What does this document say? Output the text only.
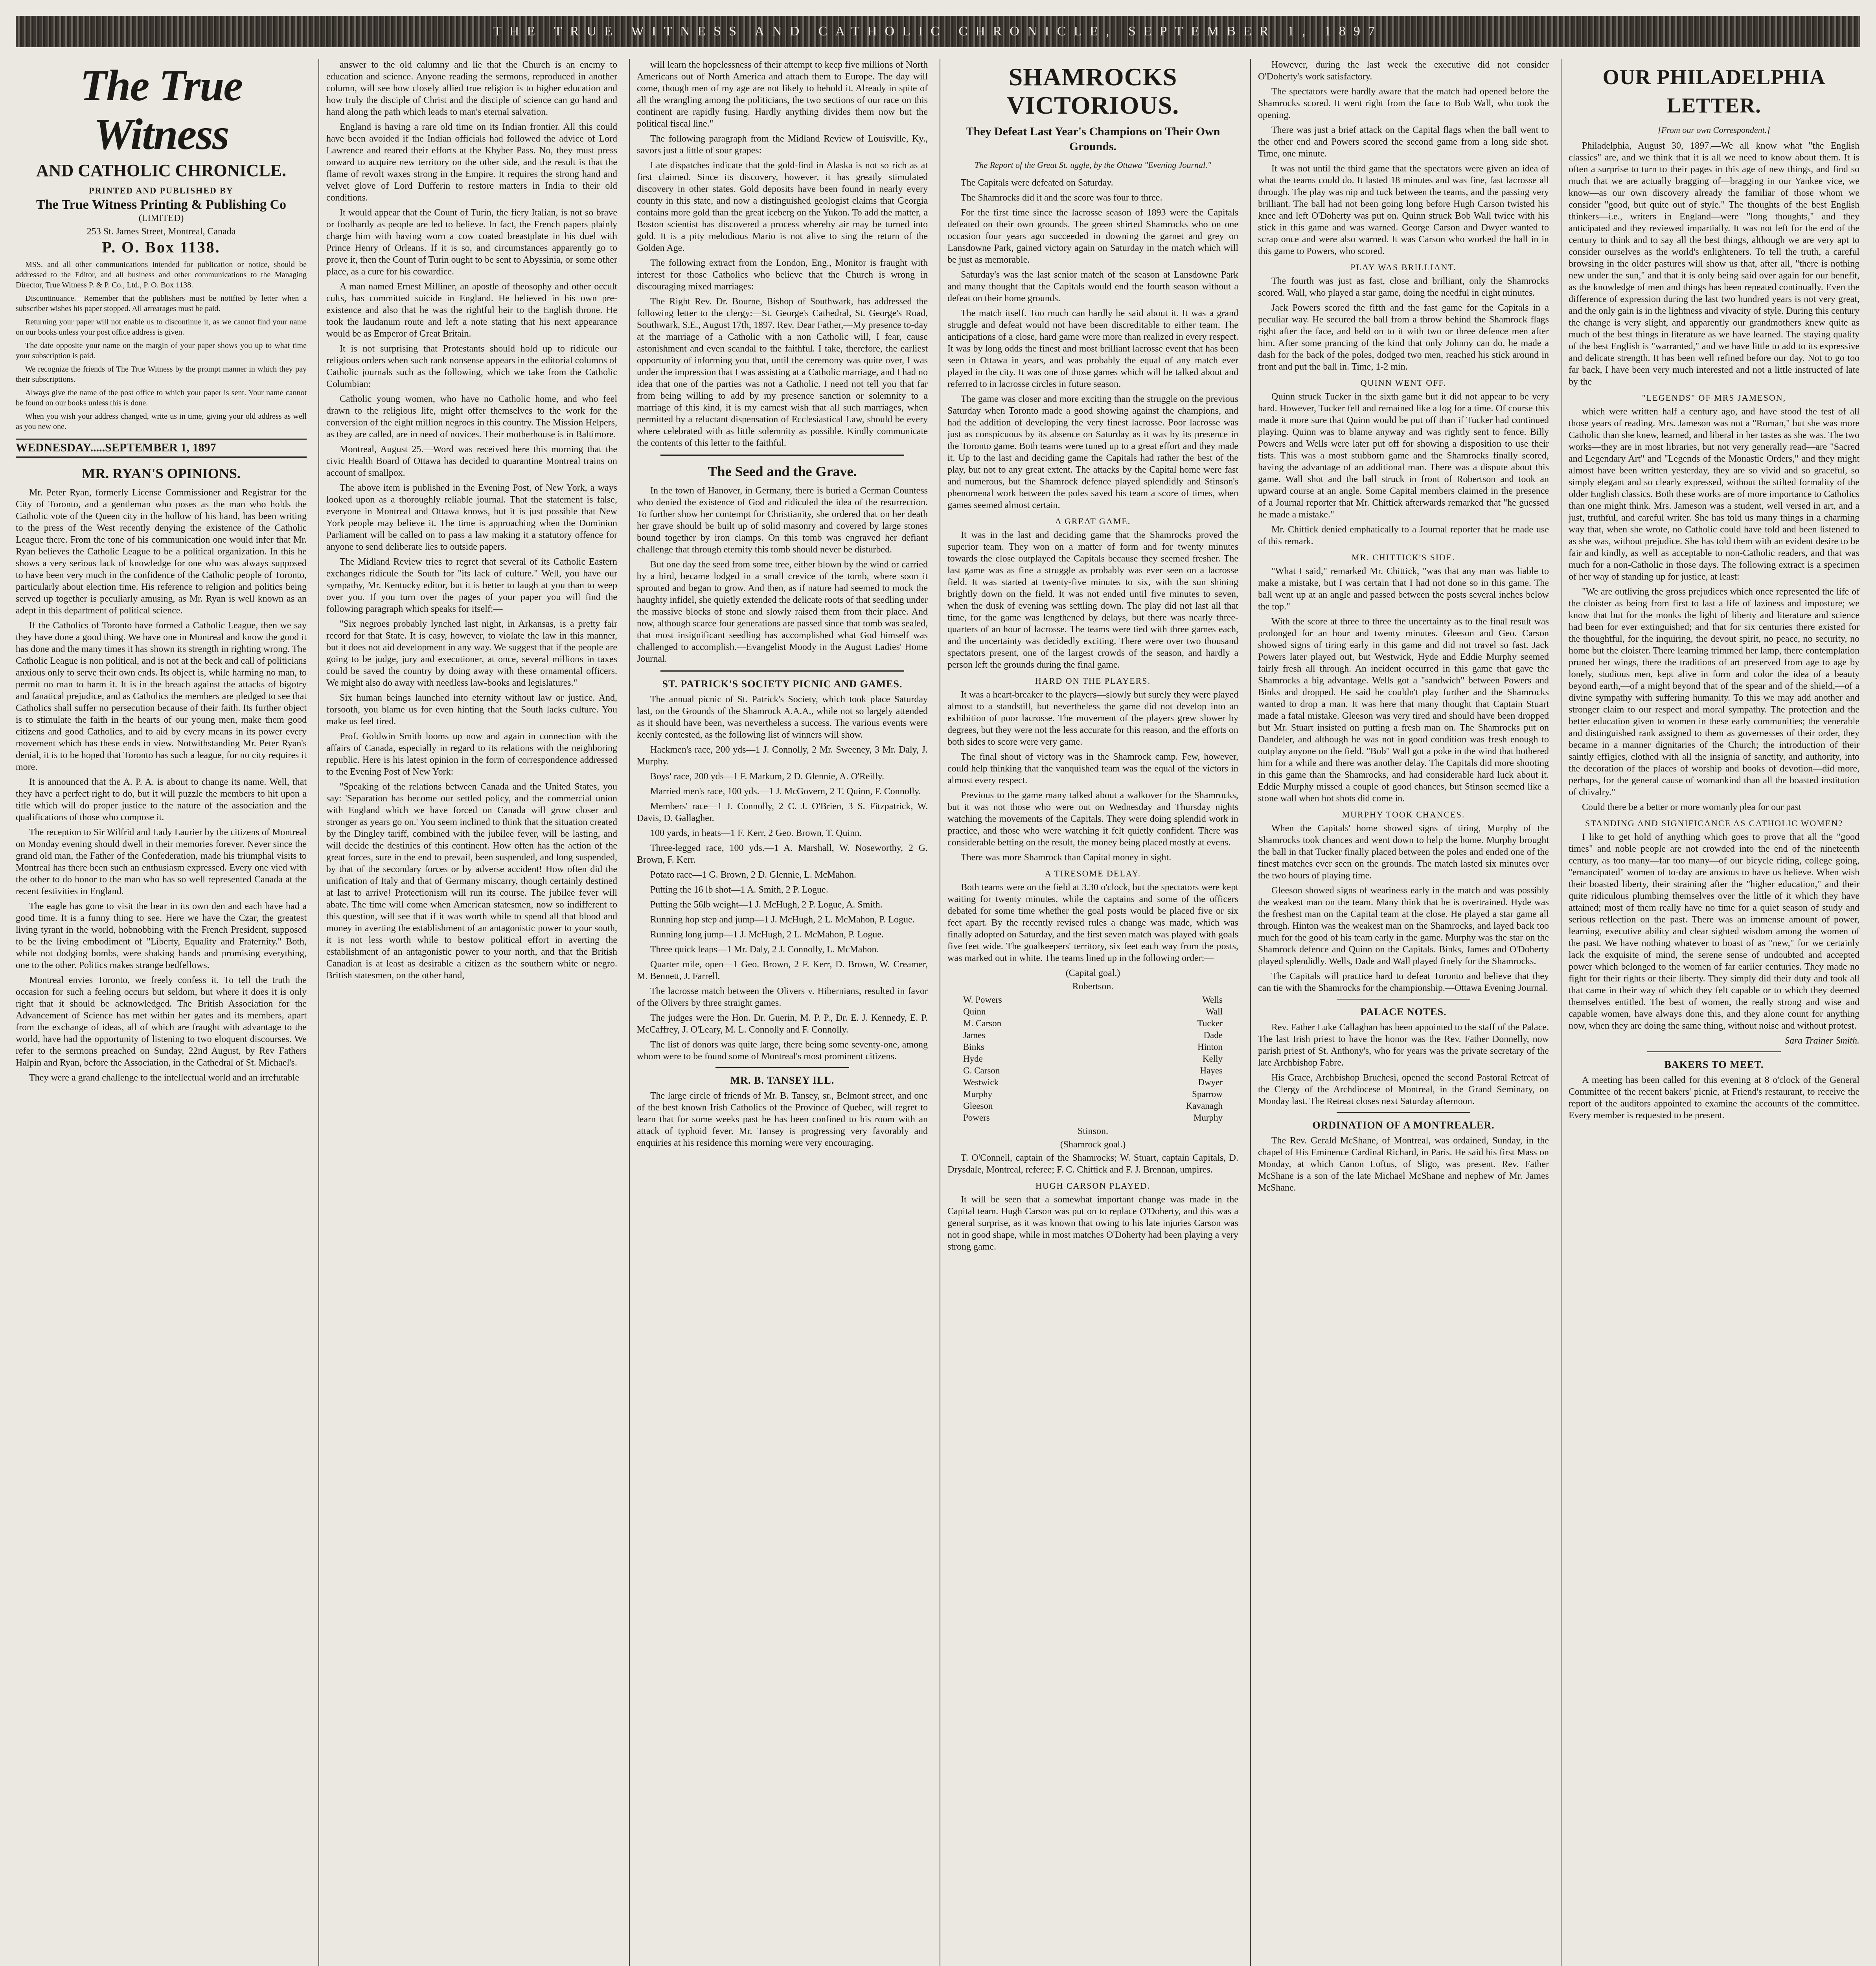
THE TRUE WITNESS AND CATHOLIC CHRONICLE, SEPTEMBER 1, 1897
The True Witness
AND CATHOLIC CHRONICLE.
PRINTED AND PUBLISHED BY
The True Witness Printing & Publishing Co
(LIMITED)
253 St. James Street, Montreal, Canada
P. O. Box 1138.

MSS. and all other communications intended for publication or notice, should be addressed to the Editor, and all business and other communications to the Managing Director, True Witness P. & P. Co., Ltd., P. O. Box 1138.

Discontinuance.—Remember that the publishers must be notified by letter when a subscriber wishes his paper stopped. All arrearages must be paid.

Returning your paper will not enable us to discontinue it, as we cannot find your name on our books unless your post office address is given.

The date opposite your name on the margin of your paper shows you up to what time your subscription is paid.

We recognize the friends of The True Witness by the prompt manner in which they pay their subscriptions.

Always give the name of the post office to which your paper is sent. Your name cannot be found on our books unless this is done.

When you wish your address changed, write us in time, giving your old address as well as you new one.

WEDNESDAY.....SEPTEMBER 1, 1897
MR. RYAN'S OPINIONS.

Mr. Peter Ryan, formerly License Commissioner and Registrar for the City of Toronto, and a gentleman who poses as the man who holds the Catholic vote of the Queen city in the hollow of his hand, has been writing to the press of the West recently denying the existence of the Catholic League there. From the tone of his communication one would infer that Mr. Ryan believes the Catholic League to be a political organization. In this he shows a very serious lack of knowledge for one who was always supposed to have been very much in the confidence of the Catholic people of Toronto, particularly about election time. His reference to religion and politics being served up together is peculiarly amusing, as Mr. Ryan is well known as an adept in this department of political science.

If the Catholics of Toronto have formed a Catholic League, then we say they have done a good thing. We have one in Montreal and know the good it has done and the many times it has shown its strength in righting wrong. The Catholic League is non political, and is not at the beck and call of politicians anxious only to serve their own ends. Its object is, while harming no man, to permit no man to harm it. It is in the breach against the attacks of bigotry and fanatical prejudice, and as Catholics the members are pledged to see that Catholics shall suffer no persecution because of their faith. Its further object is to stimulate the faith in the hearts of our young men, make them good citizens and good Catholics, and to aid by every means in its power every movement which has these ends in view. Notwithstanding Mr. Peter Ryan's denial, it is to be hoped that Toronto has such a league, for no city requires it more.

It is announced that the A. P. A. is about to change its name. Well, that they have a perfect right to do, but it will puzzle the members to hit upon a title which will do proper justice to the nature of the association and the qualifications of those who compose it.

The reception to Sir Wilfrid and Lady Laurier by the citizens of Montreal on Monday evening should dwell in their memories forever. Never since the grand old man, the Father of the Confederation, made his triumphal visits to Montreal has there been such an enthusiasm expressed. Every one vied with the other to do honor to the man who has so well represented Canada at the recent festivities in England.

The eagle has gone to visit the bear in its own den and each have had a good time. It is a funny thing to see. Here we have the Czar, the greatest living tyrant in the world, hobnobbing with the French President, supposed to be the living embodiment of "Liberty, Equality and Fraternity." Both, while not dodging bombs, were shaking hands and promising everything, one to the other. Politics makes strange bedfellows.

Montreal envies Toronto, we freely confess it. To tell the truth the occasion for such a feeling occurs but seldom, but where it does it is only right that it should be acknowledged. The British Association for the Advancement of Science has met within her gates and its members, apart from the exchange of ideas, all of which are fraught with advantage to the world, have had the opportunity of listening to two eloquent discourses. We refer to the sermons preached on Sunday, 22nd August, by Rev Fathers Halpin and Ryan, before the Association, in the Cathedral of St. Michael's.

They were a grand challenge to the intellectual world and an irrefutable

answer to the old calumny and lie that the Church is an enemy to education and science. Anyone reading the sermons, reproduced in another column, will see how closely allied true religion is to higher education and how truly the disciple of Christ and the disciple of science can go hand and hand along the path which leads to man's eternal salvation.

England is having a rare old time on its Indian frontier. All this could have been avoided if the Indian officials had followed the advice of Lord Lawrence and reared their efforts at the Khyber Pass. No, they must press onward to acquire new territory on the other side, and the result is that the flame of revolt waxes strong in the Empire. It requires the strong hand and velvet glove of Lord Dufferin to restore matters in India to their old conditions.

It would appear that the Count of Turin, the fiery Italian, is not so brave or foolhardy as people are led to believe. In fact, the French papers plainly charge him with having worn a cow coated breastplate in his duel with Prince Henry of Orleans. If it is so, and circumstances apparently go to prove it, then the Count of Turin ought to be sent to Abyssinia, or some other place, as a cure for his cowardice.

A man named Ernest Milliner, an apostle of theosophy and other occult cults, has committed suicide in England. He believed in his own pre-existence and also that he was the rightful heir to the English throne. He took the laudanum route and left a note stating that his next appearance would be as Emperor of Great Britain.

It is not surprising that Protestants should hold up to ridicule our religious orders when such rank nonsense appears in the editorial columns of Catholic journals such as the following, which we take from the Catholic Columbian:

Catholic young women, who have no Catholic home, and who feel drawn to the religious life, might offer themselves to the work for the conversion of the eight million negroes in this country. The Mission Helpers, as they are called, are in need of novices. Their motherhouse is in Baltimore.

Montreal, August 25.—Word was received here this morning that the civic Health Board of Ottawa has decided to quarantine Montreal trains on account of smallpox.

The above item is published in the Evening Post, of New York, a ways looked upon as a thoroughly reliable journal. That the statement is false, everyone in Montreal and Ottawa knows, but it is just possible that New York people may believe it. The time is approaching when the Dominion Parliament will be called on to pass a law making it a statutory offence for anyone to send deliberate lies to outside papers.

The Midland Review tries to regret that several of its Catholic Eastern exchanges ridicule the South for "its lack of culture." Well, you have our sympathy, Mr. Kentucky editor, but it is better to laugh at you than to weep over you. If you turn over the pages of your paper you will find the following paragraph which speaks for itself:—

"Six negroes probably lynched last night, in Arkansas, is a pretty fair record for that State. It is easy, however, to violate the law in this manner, but it does not aid development in any way. We suggest that if the people are going to be judge, jury and executioner, at once, several millions in taxes could be saved the country by doing away with these ornamental officers. We might also do away with needless law-books and legislatures."

Six human beings launched into eternity without law or justice. And, forsooth, you blame us for even hinting that the South lacks culture. You make us feel tired.

Prof. Goldwin Smith looms up now and again in connection with the affairs of Canada, especially in regard to its relations with the neighboring republic. Here is his latest opinion in the form of correspondence addressed to the Evening Post of New York:

"Speaking of the relations between Canada and the United States, you say: 'Separation has become our settled policy, and the commercial union with England which we have forced on Canada will grow closer and stronger as years go on.' You seem inclined to think that the situation created by the Dingley tariff, combined with the jubilee fever, will be lasting, and will decide the destinies of this continent. How often has the action of the great forces, sure in the end to prevail, been suspended, and long suspended, by that of the secondary forces or by adverse accident! How often did the unification of Italy and that of Germany miscarry, though certainly destined at last to arrive! Protectionism will run its course. The jubilee fever will abate. The time will come when American statesmen, now so indifferent to this question, will see that if it was worth while to spend all that blood and money in averting the establishment of an antagonistic power to your south, it is not less worth while to bestow political effort in averting the establishment of an antagonistic power to your north, and that the British Canadian is at least as desirable a citizen as the southern white or negro. British statesmen, on the other hand,

will learn the hopelessness of their attempt to keep five millions of North Americans out of North America and attach them to Europe. The day will come, though men of my age are not likely to behold it. Already in spite of all the wrangling among the politicians, the two sections of our race on this continent are rapidly fusing. Hardly anything divides them now but the political fiscal line."

The following paragraph from the Midland Review of Louisville, Ky., savors just a little of sour grapes:

Late dispatches indicate that the gold-find in Alaska is not so rich as at first claimed. Since its discovery, however, it has greatly stimulated discovery in other states. Gold deposits have been found in nearly every county in this state, and now a distinguished geologist claims that Georgia contains more gold than the great iceberg on the Yukon. To add the matter, a Boston scientist has discovered a process whereby air may be turned into gold. It is a pity melodious Mario is not alive to sing the return of the Golden Age.

The following extract from the London, Eng., Monitor is fraught with interest for those Catholics who believe that the Church is wrong in discouraging mixed marriages:

The Right Rev. Dr. Bourne, Bishop of Southwark, has addressed the following letter to the clergy:—St. George's Cathedral, St. George's Road, Southwark, S.E., August 17th, 1897. Rev. Dear Father,—My presence to-day at the marriage of a Catholic with a non Catholic will, I fear, cause astonishment and even scandal to the faithful. I take, therefore, the earliest opportunity of informing you that, until the ceremony was quite over, I was under the impression that I was assisting at a Catholic marriage, and I had no idea that one of the parties was not a Catholic. I need not tell you that far from being willing to add by my presence sanction or solemnity to a marriage of this kind, it is my earnest wish that all such marriages, when permitted by a reluctant dispensation of Ecclesiastical Law, should be every where celebrated with as little solemnity as possible. Kindly communicate the contents of this letter to the faithful.

The Seed and the Grave.

In the town of Hanover, in Germany, there is buried a German Countess who denied the existence of God and ridiculed the idea of the resurrection. To further show her contempt for Christianity, she ordered that on her death her grave should be built up of solid masonry and covered by large stones bound together by iron clamps. On this tomb was engraved her defiant challenge that through eternity this tomb should never be disturbed.

But one day the seed from some tree, either blown by the wind or carried by a bird, became lodged in a small crevice of the tomb, where soon it sprouted and began to grow. And then, as if nature had seemed to mock the haughty infidel, she quietly extended the delicate roots of that seedling under the massive blocks of stone and slowly raised them from their place. And now, although scarce four generations are passed since that tomb was sealed, that most insignificant seedling has accomplished what God himself was challenged to accomplish.—Evangelist Moody in the August Ladies' Home Journal.

ST. PATRICK'S SOCIETY PICNIC AND GAMES.

The annual picnic of St. Patrick's Society, which took place Saturday last, on the Grounds of the Shamrock A.A.A., while not so largely attended as it should have been, was nevertheless a success. The various events were keenly contested, as the following list of winners will show.

Hackmen's race, 200 yds—1 J. Connolly, 2 Mr. Sweeney, 3 Mr. Daly, J. Murphy.

Boys' race, 200 yds—1 F. Markum, 2 D. Glennie, A. O'Reilly.

Married men's race, 100 yds.—1 J. McGovern, 2 T. Quinn, F. Connolly.

Members' race—1 J. Connolly, 2 C. J. O'Brien, 3 S. Fitzpatrick, W. Davis, D. Gallagher.

100 yards, in heats—1 F. Kerr, 2 Geo. Brown, T. Quinn.

Three-legged race, 100 yds.—1 A. Marshall, W. Noseworthy, 2 G. Brown, F. Kerr.

Potato race—1 G. Brown, 2 D. Glennie, L. McMahon.

Putting the 16 lb shot—1 A. Smith, 2 P. Logue.

Putting the 56lb weight—1 J. McHugh, 2 P. Logue, A. Smith.

Running hop step and jump—1 J. McHugh, 2 L. McMahon, P. Logue.

Running long jump—1 J. McHugh, 2 L. McMahon, P. Logue.

Three quick leaps—1 Mr. Daly, 2 J. Connolly, L. McMahon.

Quarter mile, open—1 Geo. Brown, 2 F. Kerr, D. Brown, W. Creamer, M. Bennett, J. Farrell.

The lacrosse match between the Olivers v. Hibernians, resulted in favor of the Olivers by three straight games.

The judges were the Hon. Dr. Guerin, M. P. P., Dr. E. J. Kennedy, E. P. McCaffrey, J. O'Leary, M. L. Connolly and F. Connolly.

The list of donors was quite large, there being some seventy-one, among whom were to be found some of Montreal's most prominent citizens.

MR. B. TANSEY ILL.

The large circle of friends of Mr. B. Tansey, sr., Belmont street, and one of the best known Irish Catholics of the Province of Quebec, will regret to learn that for some weeks past he has been confined to his room with an attack of typhoid fever. Mr. Tansey is progressing very favorably and enquiries at his residence this morning were very encouraging.

SHAMROCKS VICTORIOUS.
They Defeat Last Year's Champions on Their Own Grounds.
The Report of the Great St. uggle, by the Ottawa "Evening Journal."

The Capitals were defeated on Saturday.

The Shamrocks did it and the score was four to three.

For the first time since the lacrosse season of 1893 were the Capitals defeated on their own grounds. The green shirted Shamrocks who on one occasion four years ago succeeded in downing the garnet and grey on Lansdowne Park, gained victory again on Saturday in the match which will be just as memorable.

Saturday's was the last senior match of the season at Lansdowne Park and many thought that the Capitals would end the fourth season without a defeat on their home grounds.

The match itself. Too much can hardly be said about it. It was a grand struggle and defeat would not have been discreditable to either team. The anticipations of a close, hard game were more than realized in every respect. It was by long odds the finest and most brilliant lacrosse event that has been seen in Ottawa in years, and was probably the equal of any match ever played in the city. It was one of those games which will be talked about and referred to in lacrosse circles in future season.

The game was closer and more exciting than the struggle on the previous Saturday when Toronto made a good showing against the champions, and had the addition of developing the very finest lacrosse. Poor lacrosse was just as conspicuous by its absence on Saturday as it was by its presence in the Toronto game. Both teams were tuned up to a great effort and they made it. Up to the last and deciding game the Capitals had rather the best of the play, but not to any great extent. The attacks by the Capital home were fast and numerous, but the Shamrock defence played splendidly and Stinson's phenomenal work between the poles saved his team a score of times, when games seemed almost certain.

A GREAT GAME.

It was in the last and deciding game that the Shamrocks proved the superior team. They won on a matter of form and for twenty minutes towards the close outplayed the Capitals because they seemed fresher. The last game was as fine a struggle as probably was ever seen on a lacrosse field. It was started at twenty-five minutes to six, with the sun shining brightly down on the field. It was not ended until five minutes to seven, when the dusk of evening was settling down. The play did not last all that time, for the game was lengthened by delays, but there was nearly three-quarters of an hour of lacrosse. The teams were tied with three games each, and the uncertainty was decidedly exciting. There were over two thousand spectators present, one of the largest crowds of the season, and hardly a person left the grounds during the final game.

HARD ON THE PLAYERS.

It was a heart-breaker to the players—slowly but surely they were played almost to a standstill, but nevertheless the game did not develop into an exhibition of poor lacrosse. The movement of the players grew slower by degrees, but they were not the less accurate for this reason, and the efforts on both sides to score were very game.

The final shout of victory was in the Shamrock camp. Few, however, could help thinking that the vanquished team was the equal of the victors in almost every respect.

Previous to the game many talked about a walkover for the Shamrocks, but it was not those who were out on Wednesday and Thursday nights watching the movements of the Capitals. They were doing splendid work in practice, and those who were watching it felt quietly confident. There was considerable betting on the result, the money being placed mostly at evens.

There was more Shamrock than Capital money in sight.

A TIRESOME DELAY.

Both teams were on the field at 3.30 o'clock, but the spectators were kept waiting for twenty minutes, while the captains and some of the officers debated for some time whether the goal posts would be placed five or six feet apart. By the recently revised rules a change was made, which was finally adopted on Saturday, and the first seven match was played with goals five feet wide. The goalkeepers' territory, six feet each way from the posts, was marked out in white. The teams lined up in the following order:—

(Capital goal.)
Robertson.
W. Powers	Wells
Quinn	Wall
M. Carson	Tucker
James	Dade
Binks	Hinton
Hyde	Kelly
G. Carson	Hayes
Westwick	Dwyer
Murphy	Sparrow
Gleeson	Kavanagh
Powers	Murphy
Stinson.
(Shamrock goal.)

T. O'Connell, captain of the Shamrocks; W. Stuart, captain Capitals, D. Drysdale, Montreal, referee; F. C. Chittick and F. J. Brennan, umpires.

HUGH CARSON PLAYED.

It will be seen that a somewhat important change was made in the Capital team. Hugh Carson was put on to replace O'Doherty, and this was a general surprise, as it was known that owing to his late injuries Carson was not in good shape, while in most matches O'Doherty had been playing a very strong game.

However, during the last week the executive did not consider O'Doherty's work satisfactory.

The spectators were hardly aware that the match had opened before the Shamrocks scored. It went right from the face to Bob Wall, who took the opening.

There was just a brief attack on the Capital flags when the ball went to the other end and Powers scored the second game from a long side shot. Time, one minute.

It was not until the third game that the spectators were given an idea of what the teams could do. It lasted 18 minutes and was fine, fast lacrosse all through. The play was nip and tuck between the teams, and the passing very brilliant. The ball had not been going long before Hugh Carson twisted his knee and left O'Doherty was put on. Quinn struck Bob Wall twice with his stick in this game and was warned. George Carson and Dwyer wanted to scrap once and were also warned. It was Carson who worked the ball in in this game to Powers, who scored.

PLAY WAS BRILLIANT.

The fourth was just as fast, close and brilliant, only the Shamrocks scored. Wall, who played a star game, doing the needful in eight minutes.

Jack Powers scored the fifth and the fast game for the Capitals in a peculiar way. He secured the ball from a throw behind the Shamrock flags right after the face, and held on to it with two or three defence men after him. After some prancing of the kind that only Johnny can do, he made a dash for the back of the poles, dodged two men, reached his stick around in front and put the ball in. Time, 1-2 min.

QUINN WENT OFF.

Quinn struck Tucker in the sixth game but it did not appear to be very hard. However, Tucker fell and remained like a log for a time. Of course this made it more sure that Quinn would be put off than if Tucker had continued playing. Quinn was to blame anyway and was rightly sent to fence. Billy Powers and Wells were later put off for showing a disposition to use their fists. This was a most stubborn game and the Shamrocks finally scored, having the advantage of an additional man. There was a dispute about this game. Wall shot and the ball struck in front of Robertson and took an upward course at an angle. Some Capital members claimed in the presence of a Journal reporter that Mr. Chittick afterwards remarked that "he guessed he made a mistake."

Mr. Chittick denied emphatically to a Journal reporter that he made use of this remark.

MR. CHITTICK'S SIDE.

"What I said," remarked Mr. Chittick, "was that any man was liable to make a mistake, but I was certain that I had not done so in this game. The ball went up at an angle and passed between the posts several inches below the top."

With the score at three to three the uncertainty as to the final result was prolonged for an hour and twenty minutes. Gleeson and Geo. Carson showed signs of tiring early in this game and did not travel so fast. Jack Powers later played out, but Westwick, Hyde and Eddie Murphy seemed fairly fresh all through. An incident occurred in this game that gave the Shamrocks a big advantage. Wells got a "sandwich" between Powers and Binks and dropped. He said he couldn't play further and the Shamrocks wanted to drop a man. It was here that many thought that Captain Stuart made a fatal mistake. Gleeson was very tired and should have been dropped but Mr. Stuart insisted on putting a fresh man on. The Shamrocks put on Dandeler, and although he was not in good condition was fresh enough to outplay anyone on the field. "Bob" Wall got a poke in the wind that bothered him for a while and there was another delay. The Capitals did more shooting in this game than the Shamrocks, and had considerable hard luck about it. Eddie Murphy missed a couple of good chances, but Stinson seemed like a stone wall when hot shots did come in.

MURPHY TOOK CHANCES.

When the Capitals' home showed signs of tiring, Murphy of the Shamrocks took chances and went down to help the home. Murphy brought the ball in that Tucker finally placed between the poles and ended one of the finest matches ever seen on the grounds. The match lasted six minutes over the two hours of playing time.

Gleeson showed signs of weariness early in the match and was possibly the weakest man on the team. Many think that he is overtrained. Hyde was the freshest man on the Capital team at the close. He played a star game all through. Hinton was the weakest man on the Shamrocks, and layed back too much for the good of his team early in the game. Murphy was the star on the Shamrock defence and Quinn on the Capitals. Binks, James and O'Doherty played splendidly. Wells, Dade and Wall played finely for the Shamrocks.

The Capitals will practice hard to defeat Toronto and believe that they can tie with the Shamrocks for the championship.—Ottawa Evening Journal.

PALACE NOTES.

Rev. Father Luke Callaghan has been appointed to the staff of the Palace. The last Irish priest to have the honor was the Rev. Father Donnelly, now parish priest of St. Anthony's, who for years was the private secretary of the late Archbishop Fabre.

His Grace, Archbishop Bruchesi, opened the second Pastoral Retreat of the Clergy of the Archdiocese of Montreal, in the Grand Seminary, on Monday last. The Retreat closes next Saturday afternoon.

ORDINATION OF A MONTREALER.

The Rev. Gerald McShane, of Montreal, was ordained, Sunday, in the chapel of His Eminence Cardinal Richard, in Paris. He said his first Mass on Monday, at which Canon Loftus, of Sligo, was present. Rev. Father McShane is a son of the late Michael McShane and nephew of Mr. James McShane.

OUR PHILADELPHIA LETTER.
[From our own Correspondent.]

Philadelphia, August 30, 1897.—We all know what "the English classics" are, and we think that it is all we need to know about them. It is often a surprise to turn to their pages in this age of new things, and find so much that we are actually bragging of—bragging in our Yankee vice, we know—as our own discovery already the familiar of those whom we consider "good, but quite out of style." The thoughts of the best English thinkers—i.e., writers in England—were "long thoughts," and they anticipated and they reviewed impartially. It was not left for the end of the century to think and to say all the best things, although we are very apt to consider ourselves as the world's enlighteners. To tell the truth, a careful browsing in the older pastures will show us that, after all, "there is nothing new under the sun," and that it is only being said over again for our benefit, as the knowledge of men and things has been repeated continually. Even the difference of expression during the last two hundred years is not very great, and the only gain is in the lightness and vivacity of style. During this century the change is very slight, and apparently our grandmothers knew quite as much of the best things in literature as we have learned. The staying quality of the best English is "warranted," and we have little to add to its expressive and delicate strength. It has been well refined before our day. Not to go too far back, I have been very much interested and not a little instructed of late by the

"LEGENDS" OF MRS JAMESON,

which were written half a century ago, and have stood the test of all those years of reading. Mrs. Jameson was not a "Roman," but she was more Catholic than she knew, learned, and liberal in her tastes as she was. The two works—they are in most libraries, but not very generally read—are "Sacred and Legendary Art" and "Legends of the Monastic Orders," and they might almost have been written yesterday, they are so vivid and so graceful, so simply elegant and so clearly expressed, without the stilted formality of the older English classics. Both these works are of more importance to Catholics than one might think. Mrs. Jameson was a student, well versed in art, and a just, truthful, and careful writer. She has told us many things in a charming way that, when she wrote, no Catholic could have told and been listened to as she was, without prejudice. She has told them with an evident desire to be fair and kindly, as well as acceptable to non-Catholic readers, and that was much for a non-Catholic in those days. The following extract is a specimen of her way of standing up for justice, at least:

"We are outliving the gross prejudices which once represented the life of the cloister as being from first to last a life of laziness and imposture; we know that but for the monks the light of liberty and literature and science had been for ever extinguished; and that for six centuries there existed for the thoughtful, for the inquiring, the devout spirit, no peace, no security, no home but the cloister. There learning trimmed her lamp, there contemplation pruned her wings, there the traditions of art preserved from age to age by lonely, studious men, kept alive in form and color the idea of a beauty beyond earth,—of a might beyond that of the spear and of the shield,—of a divine sympathy with suffering humanity. To this we may add another and stronger claim to our respect and moral sympathy. The protection and the better education given to women in these early communities; the venerable and distinguished rank assigned to them as governesses of their order, they became in a manner dignitaries of the Church; the introduction of their saintly effigies, clothed with all the insignia of sanctity, and authority, into the decoration of the places of worship and books of devotion—did more, perhaps, for the general cause of womankind than all the boasted institution of chivalry."

Could there be a better or more womanly plea for our past

STANDING AND SIGNIFICANCE AS CATHOLIC WOMEN?

I like to get hold of anything which goes to prove that all the "good times" and noble people are not crowded into the end of the nineteenth century, as too many—far too many—of our bicycle riding, college going, "emancipated" women of to-day are anxious to have us believe. When wish their boasted liberty, their straining after the "higher education," and their quite ridiculous plumbing themselves over the little of it which they have attained; most of them really have no time for a quiet season of study and serious reflection on the past. There was an immense amount of power, learning, executive ability and clear sighted wisdom among the women of the past. We have nothing whatever to boast of as "new," for we certainly lack the exquisite of mind, the serene sense of undoubted and accepted power which belonged to the women of far earlier centuries. They made no fight for their rights or their liberty. They simply did their duty and took all that came in their way of which they felt capable or to which they deemed themselves entitled. The best of women, the really strong and wise and capable women, have always done this, and they alone count for anything now, when they are doing the same thing, without noise and without protest.

Sara Trainer Smith.

BAKERS TO MEET.

A meeting has been called for this evening at 8 o'clock of the General Committee of the recent bakers' picnic, at Friend's restaurant, to receive the report of the auditors appointed to examine the accounts of the committee. Every member is requested to be present.
